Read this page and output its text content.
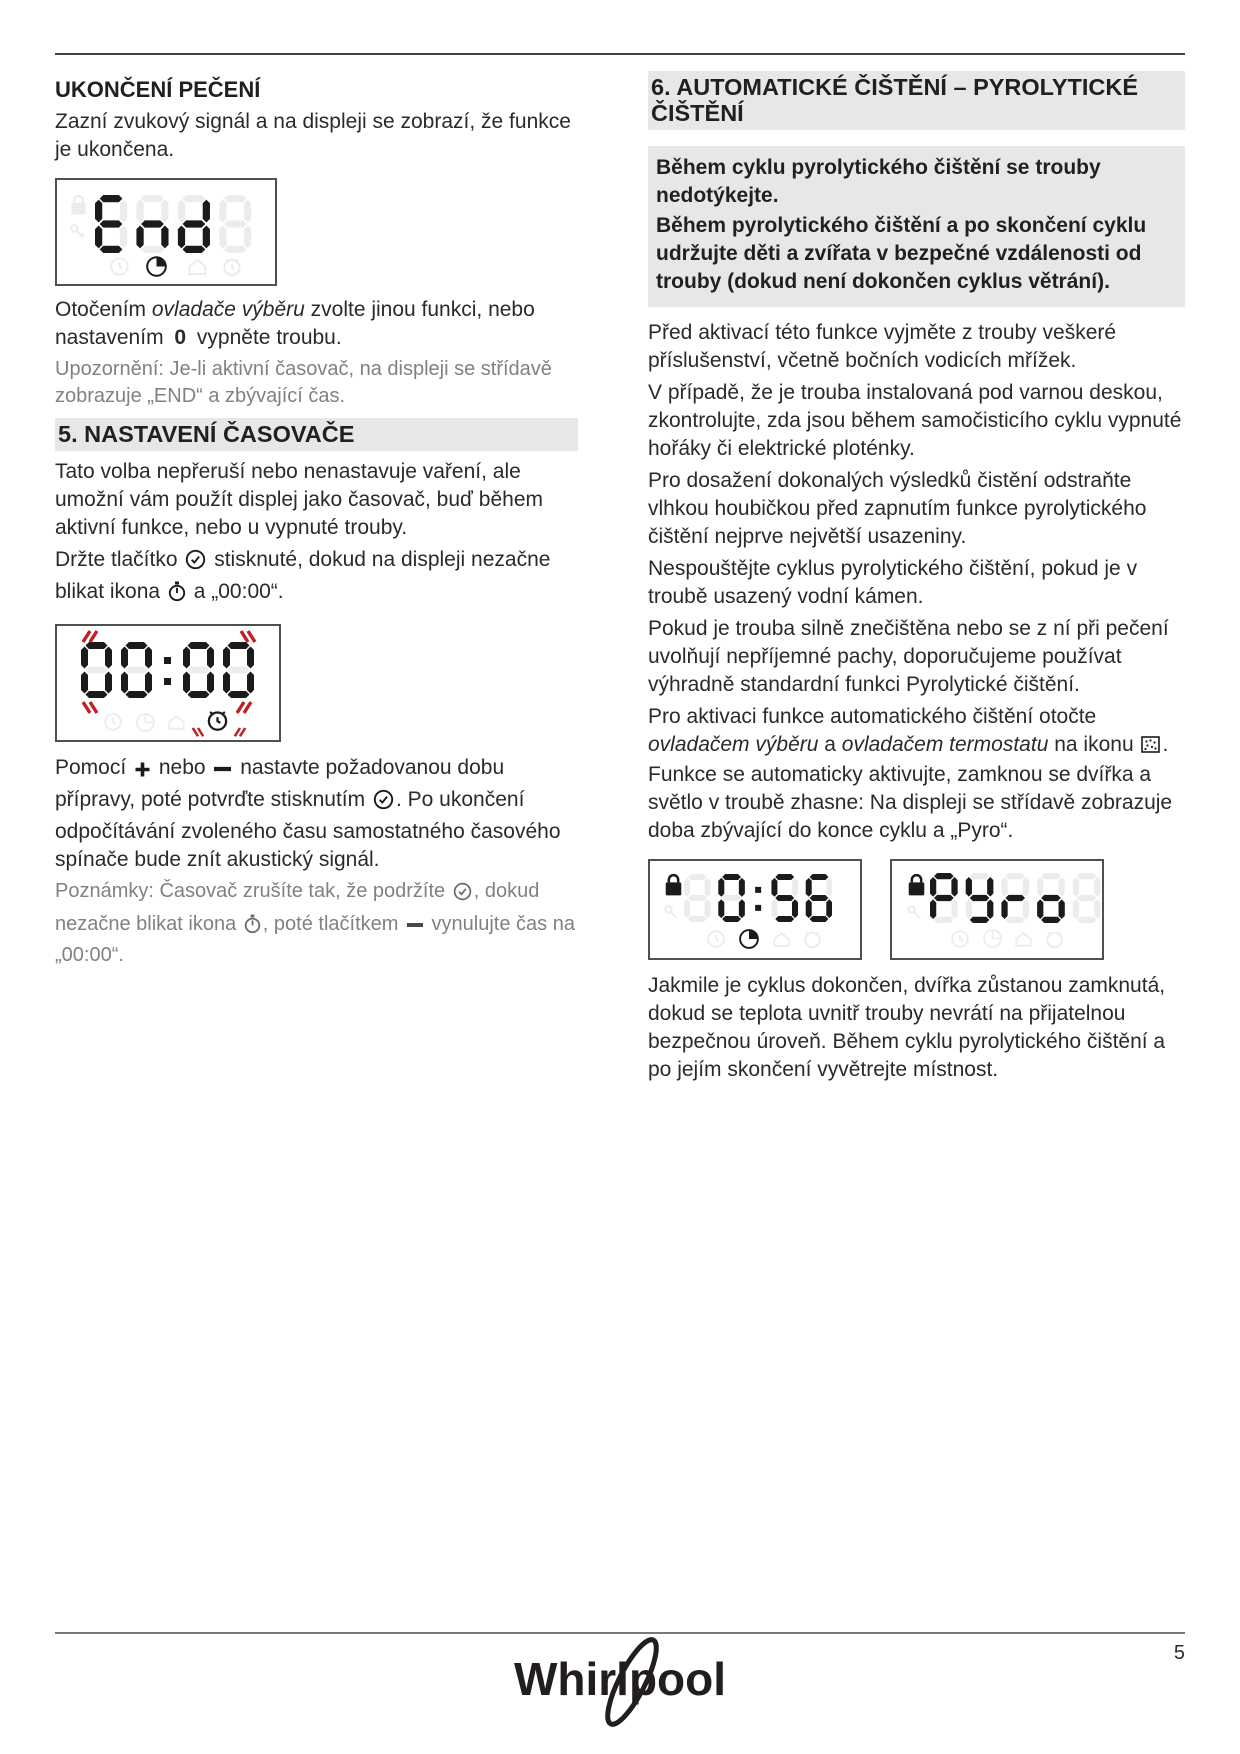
UKONČENÍ PEČENÍ

Zazní zvukový signál a na displeji se zobrazí, že funkce je ukončena.

Otočením ovladače výběru zvolte jinou funkci, nebo nastavením 0 vypněte troubu.

Upozornění: Je-li aktivní časovač, na displeji se střídavě zobrazuje „END“ a zbývající čas.

5. NASTAVENÍ ČASOVAČE

Tato volba nepřeruší nebo nenastavuje vaření, ale umožní vám použít displej jako časovač, buď během aktivní funkce, nebo u vypnuté trouby.

Držte tlačítko  stisknuté, dokud na displeji nezačne blikat ikona  a „00:00“.

Pomocí  nebo  nastavte požadovanou dobu přípravy, poté potvrďte stisknutím . Po ukončení odpočítávání zvoleného času samostatného časového spínače bude znít akustický signál.

Poznámky: Časovač zrušíte tak, že podržíte , dokud nezačne blikat ikona , poté tlačítkem  vynulujte čas na „00:00“.

6. AUTOMATICKÉ ČIŠTĚNÍ – PYROLYTICKÉ
ČIŠTĚNÍ

Během cyklu pyrolytického čištění se trouby nedotýkejte.

Během pyrolytického čištění a po skončení cyklu udržujte děti a zvířata v bezpečné vzdálenosti od trouby (dokud není dokončen cyklus větrání).

Před aktivací této funkce vyjměte z trouby veškeré příslušenství, včetně bočních vodicích mřížek.

V případě, že je trouba instalovaná pod varnou deskou, zkontrolujte, zda jsou během samočisticího cyklu vypnuté hořáky či elektrické ploténky.

Pro dosažení dokonalých výsledků čistění odstraňte vlhkou houbičkou před zapnutím funkce pyrolytického čištění nejprve největší usazeniny.

Nespouštějte cyklus pyrolytického čištění, pokud je v troubě usazený vodní kámen.

Pokud je trouba silně znečištěna nebo se z ní při pečení uvolňují nepříjemné pachy, doporučujeme používat výhradně standardní funkci Pyrolytické čištění.

Pro aktivaci funkce automatického čištění otočte ovladačem výběru a ovladačem termostatu na ikonu . Funkce se automaticky aktivujte, zamknou se dvířka a světlo v troubě zhasne: Na displeji se střídavě zobrazuje doba zbývající do konce cyklu a „Pyro“.

Jakmile je cyklus dokončen, dvířka zůstanou zamknutá, dokud se teplota uvnitř trouby nevrátí na přijatelnou bezpečnou úroveň. Během cyklu pyrolytického čištění a po jejím skončení vyvětrejte místnost.

5
Whirlpool
